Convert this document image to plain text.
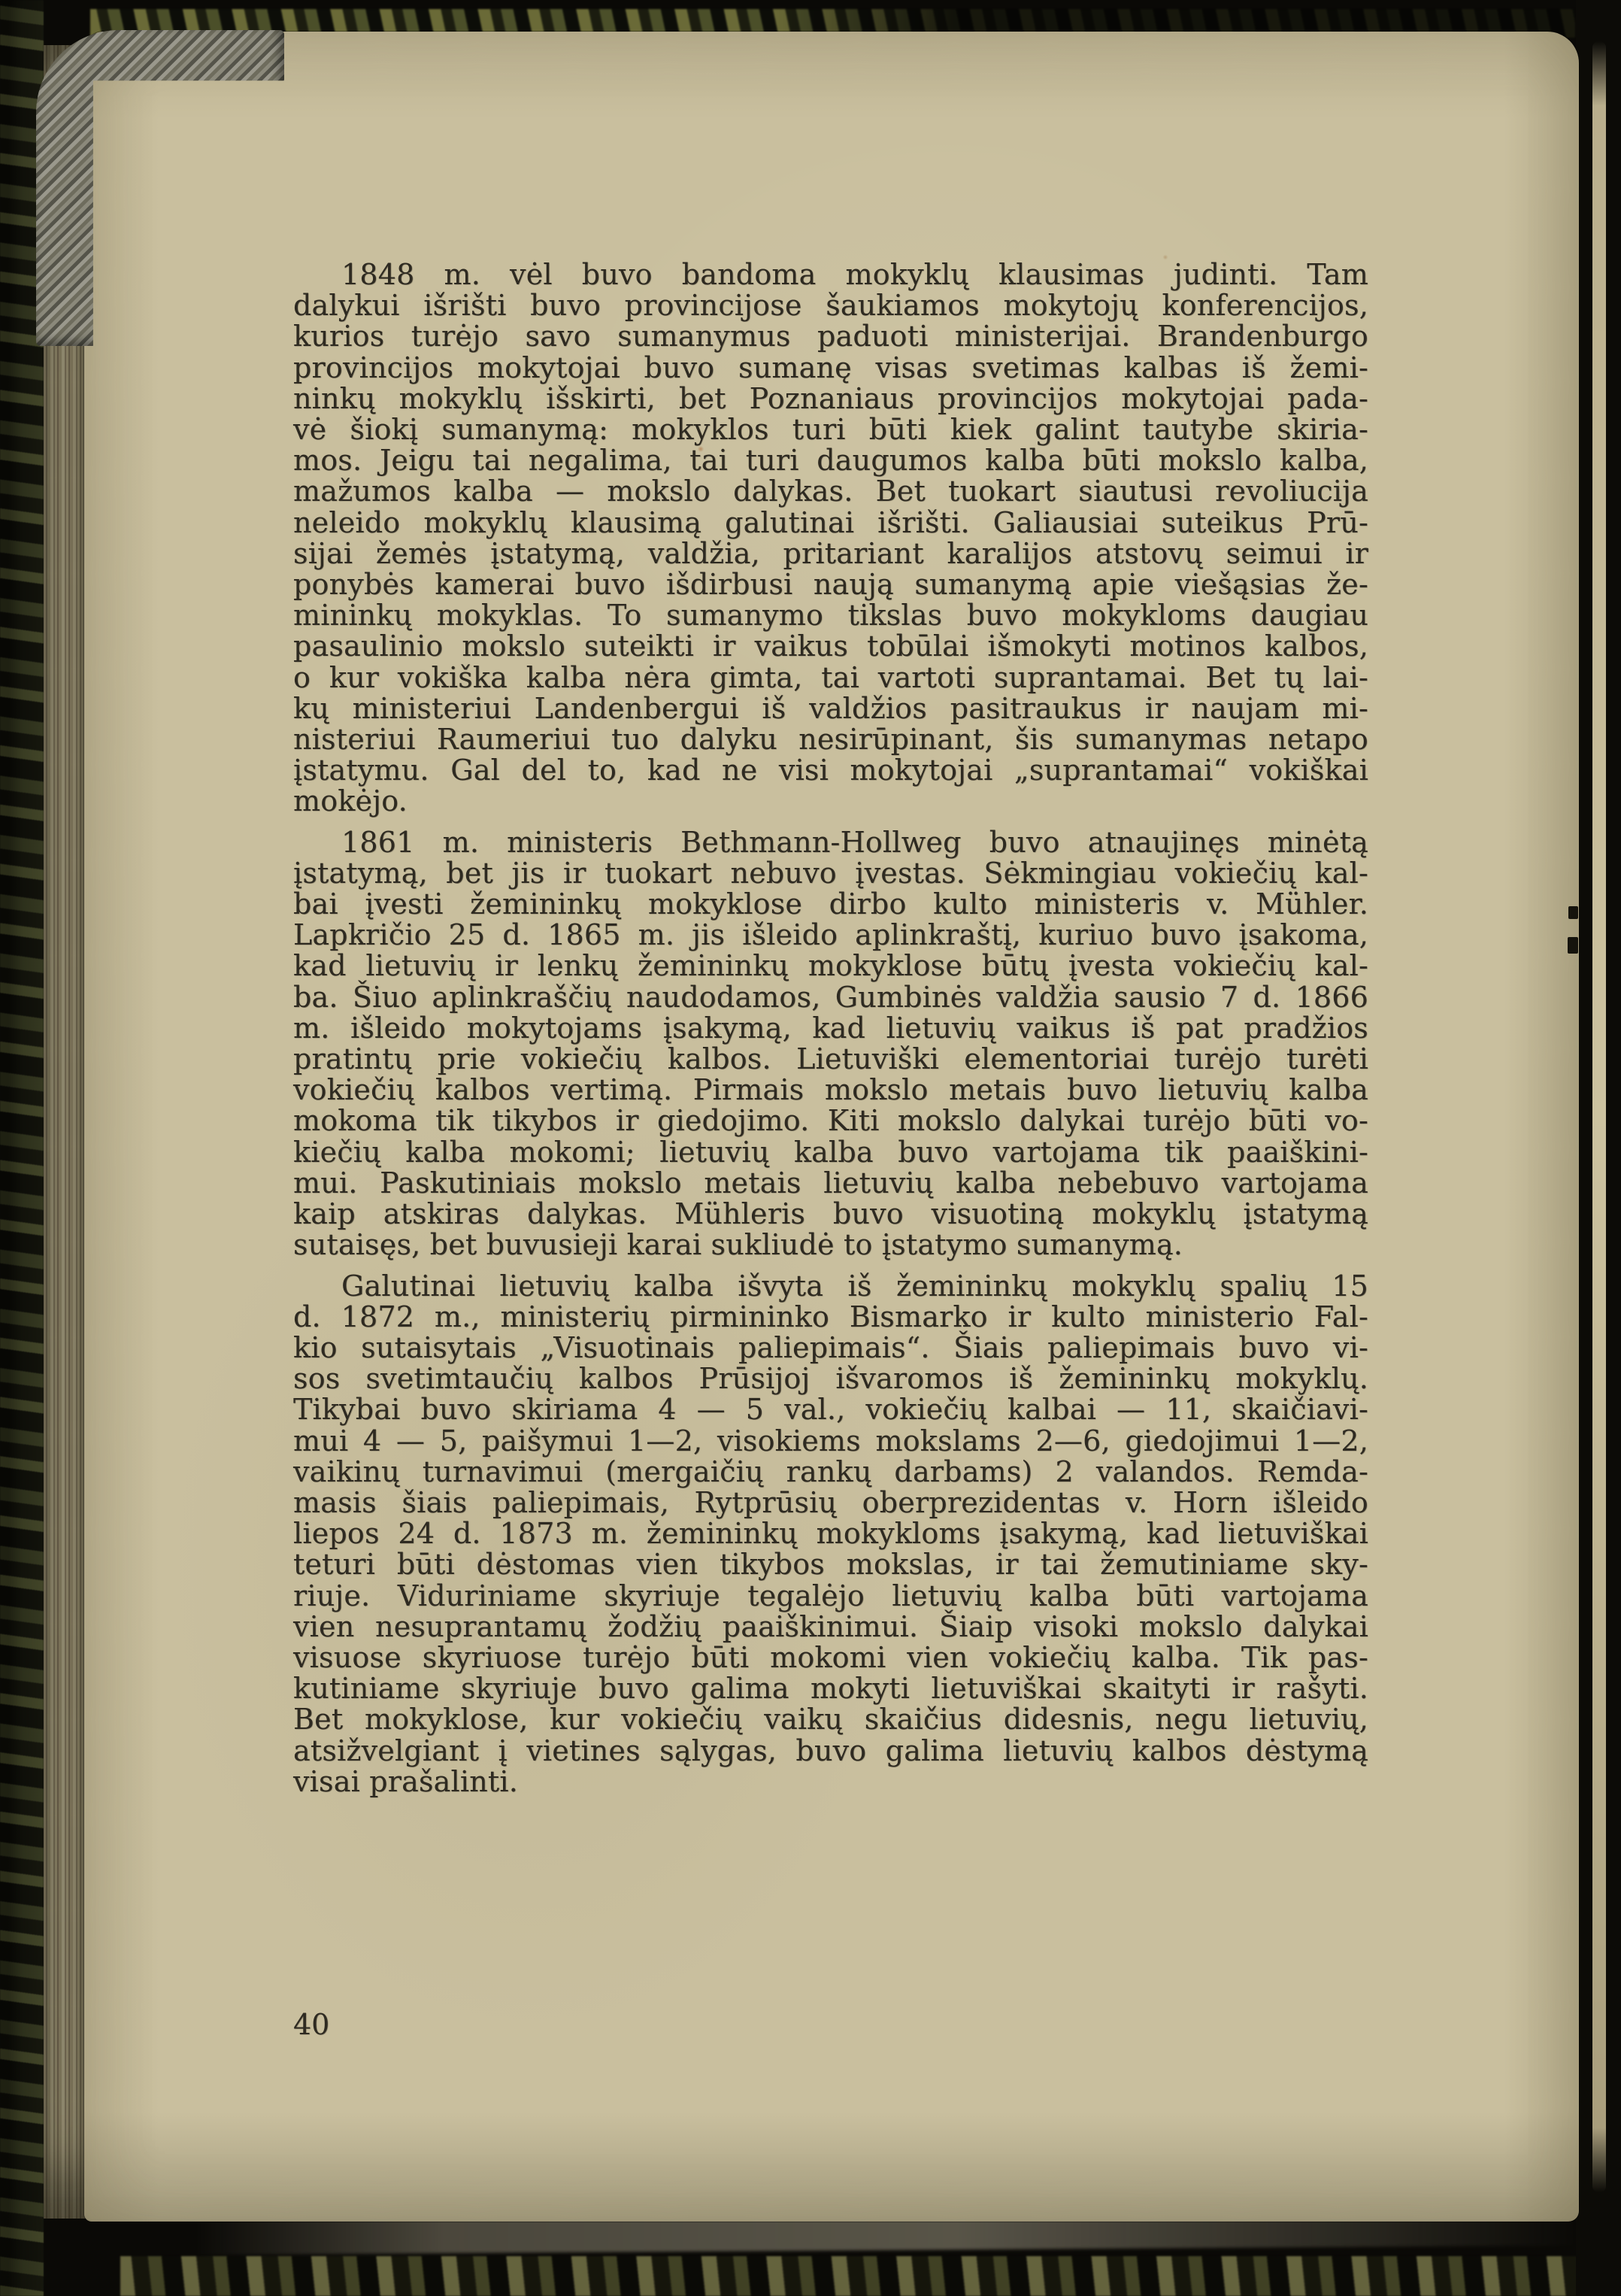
1848 m. vėl buvo bandoma mokyklų klausimas judinti. Tam
dalykui išrišti buvo provincijose šaukiamos mokytojų konferencijos,
kurios turėjo savo sumanymus paduoti ministerijai. Brandenburgo
provincijos mokytojai buvo sumanę visas svetimas kalbas iš žemi-
ninkų mokyklų išskirti, bet Poznaniaus provincijos mokytojai pada-
vė šiokį sumanymą: mokyklos turi būti kiek galint tautybe skiria-
mos. Jeigu tai negalima, tai turi daugumos kalba būti mokslo kalba,
mažumos kalba — mokslo dalykas. Bet tuokart siautusi revoliucija
neleido mokyklų klausimą galutinai išrišti. Galiausiai suteikus Prū-
sijai žemės įstatymą, valdžia, pritariant karalijos atstovų seimui ir
ponybės kamerai buvo išdirbusi naują sumanymą apie viešąsias že-
mininkų mokyklas. To sumanymo tikslas buvo mokykloms daugiau
pasaulinio mokslo suteikti ir vaikus tobūlai išmokyti motinos kalbos,
o kur vokiška kalba nėra gimta, tai vartoti suprantamai. Bet tų lai-
kų ministeriui Landenbergui iš valdžios pasitraukus ir naujam mi-
nisteriui Raumeriui tuo dalyku nesirūpinant, šis sumanymas netapo
įstatymu. Gal del to, kad ne visi mokytojai „suprantamai“ vokiškai
mokėjo.
1861 m. ministeris Bethmann-Hollweg buvo atnaujinęs minėtą
įstatymą, bet jis ir tuokart nebuvo įvestas. Sėkmingiau vokiečių kal-
bai įvesti žemininkų mokyklose dirbo kulto ministeris v. Mühler.
Lapkričio 25 d. 1865 m. jis išleido aplinkraštį, kuriuo buvo įsakoma,
kad lietuvių ir lenkų žemininkų mokyklose būtų įvesta vokiečių kal-
ba. Šiuo aplinkraščių naudodamos, Gumbinės valdžia sausio 7 d. 1866
m. išleido mokytojams įsakymą, kad lietuvių vaikus iš pat pradžios
pratintų prie vokiečių kalbos. Lietuviški elementoriai turėjo turėti
vokiečių kalbos vertimą. Pirmais mokslo metais buvo lietuvių kalba
mokoma tik tikybos ir giedojimo. Kiti mokslo dalykai turėjo būti vo-
kiečių kalba mokomi; lietuvių kalba buvo vartojama tik paaiškini-
mui. Paskutiniais mokslo metais lietuvių kalba nebebuvo vartojama
kaip atskiras dalykas. Mühleris buvo visuotiną mokyklų įstatymą
sutaisęs, bet buvusieji karai sukliudė to įstatymo sumanymą.
Galutinai lietuvių kalba išvyta iš žemininkų mokyklų spalių 15
d. 1872 m., ministerių pirmininko Bismarko ir kulto ministerio Fal-
kio sutaisytais „Visuotinais paliepimais“. Šiais paliepimais buvo vi-
sos svetimtaučių kalbos Prūsijoj išvaromos iš žemininkų mokyklų.
Tikybai buvo skiriama 4 — 5 val., vokiečių kalbai — 11, skaičiavi-
mui 4 — 5, paišymui 1—2, visokiems mokslams 2—6, giedojimui 1—2,
vaikinų turnavimui (mergaičių rankų darbams) 2 valandos. Remda-
masis šiais paliepimais, Rytprūsių oberprezidentas v. Horn išleido
liepos 24 d. 1873 m. žemininkų mokykloms įsakymą, kad lietuviškai
teturi būti dėstomas vien tikybos mokslas, ir tai žemutiniame sky-
riuje. Viduriniame skyriuje tegalėjo lietuvių kalba būti vartojama
vien nesuprantamų žodžių paaiškinimui. Šiaip visoki mokslo dalykai
visuose skyriuose turėjo būti mokomi vien vokiečių kalba. Tik pas-
kutiniame skyriuje buvo galima mokyti lietuviškai skaityti ir rašyti.
Bet mokyklose, kur vokiečių vaikų skaičius didesnis, negu lietuvių,
atsižvelgiant į vietines sąlygas, buvo galima lietuvių kalbos dėstymą
visai prašalinti.
40
